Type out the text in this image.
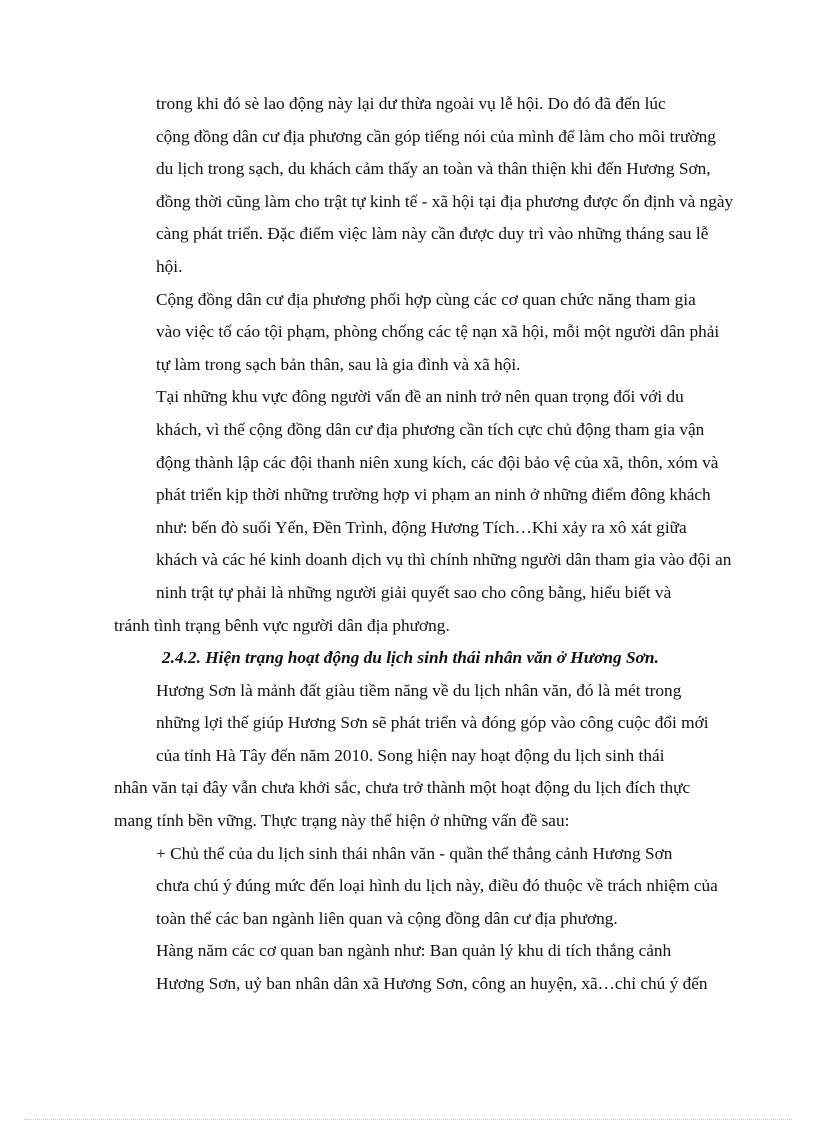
trong khi đó sè lao động này lại dư thừa ngoài vụ lễ hội. Do đó đã đến lúc
cộng đồng dân cư địa phương cần góp tiếng nói của mình để làm cho môi trường
du lịch trong sạch, du khách cảm thấy an toàn và thân thiện khi đến Hương Sơn,
đồng thời cũng làm cho trật tự kinh tế - xã hội tại địa phương được ổn định và ngày
càng phát triển. Đặc điểm việc làm này cần được duy trì vào những tháng sau lễ
hội.

Cộng đồng dân cư địa phương phối hợp cùng các cơ quan chức năng tham gia
vào việc tố cáo tội phạm, phòng chống các tệ nạn xã hội, mỗi một người dân phải
tự làm trong sạch bản thân, sau là gia đình và xã hội.

Tại những khu vực đông người vấn đề an ninh trở nên quan trọng đối với du
khách, vì thế cộng đồng dân cư địa phương cần tích cực chủ động tham gia vận
động thành lập các đội thanh niên xung kích, các đội bảo vệ của xã, thôn, xóm và
phát triển kịp thời những trường hợp vi phạm an ninh ở những điểm đông khách
như: bến đò suối Yến, Đền Trình, động Hương Tích…Khi xảy ra xô xát giữa
khách và các hé kinh doanh dịch vụ thì chính những người dân tham gia vào đội an

ninh trật tự phải là những người giải quyết sao cho công bằng, hiểu biết và

tránh tình trạng bênh vực người dân địa phương.

2.4.2. Hiện trạng hoạt động du lịch sinh thái nhân văn ở Hương Sơn.

Hương Sơn là mảnh đất giàu tiềm năng về du lịch nhân văn, đó là mét trong
những lợi thế giúp Hương Sơn sẽ phát triển và đóng góp vào công cuộc đổi mới

của tỉnh Hà Tây đến năm 2010. Song hiện nay hoạt động du lịch sinh thái
nhân văn tại đây vẫn chưa khởi sắc, chưa trở thành một hoạt động du lịch đích thực
mang tính bền vững. Thực trạng này thể hiện ở những vấn đề sau:

+ Chủ thể của du lịch sinh thái nhân văn - quần thể thắng cảnh Hương Sơn
chưa chú ý đúng mức đến loại hình du lịch này, điều đó thuộc về trách nhiệm của
toàn thể các ban ngành liên quan và cộng đồng dân cư địa phương.

Hàng năm các cơ quan ban ngành như: Ban quản lý khu di tích thắng cảnh
Hương Sơn, uỷ ban nhân dân xã Hương Sơn, công an huyện, xã…chỉ chú ý đến
